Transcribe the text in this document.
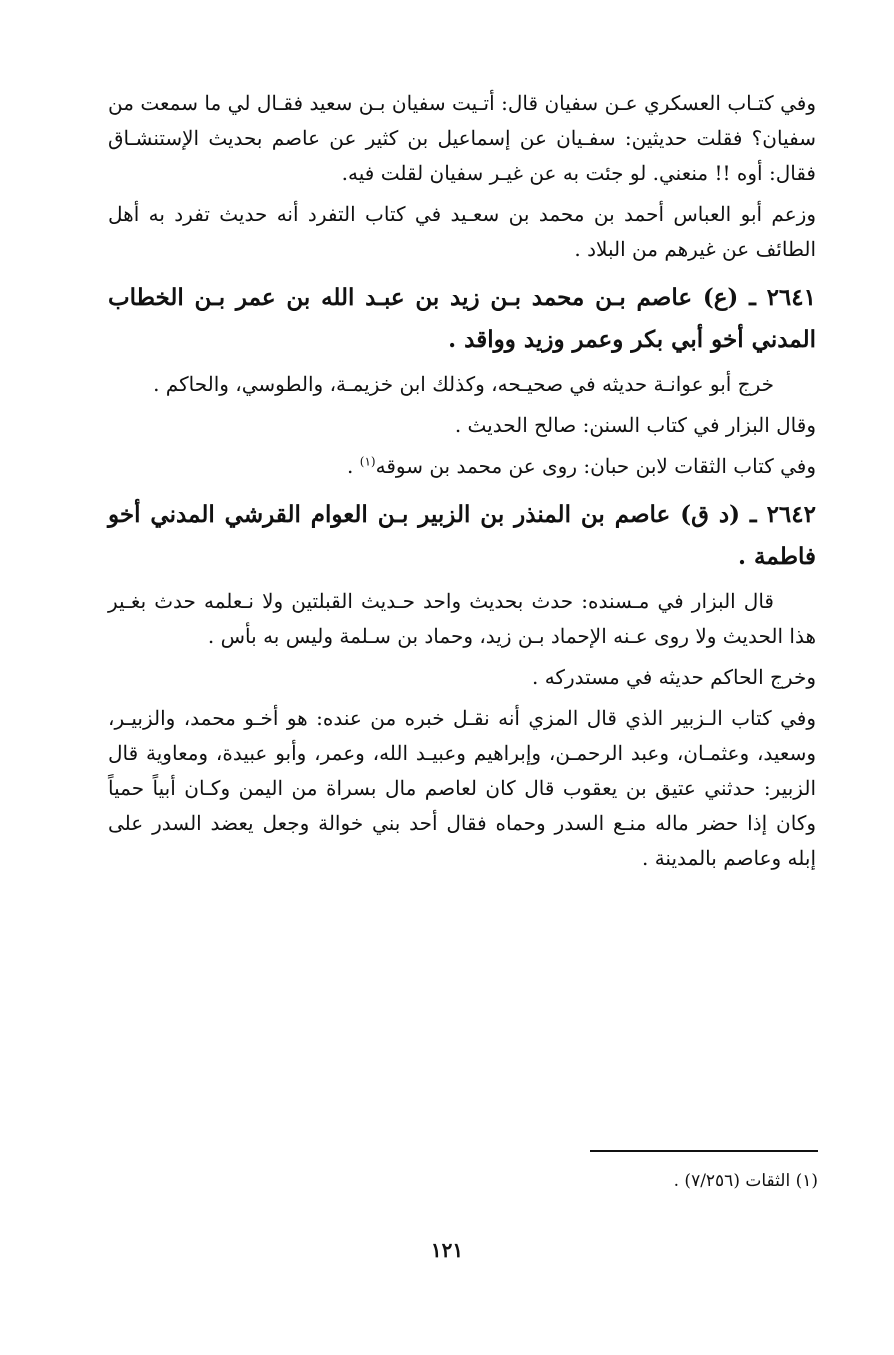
وفي كتـاب العسكري عـن سفيان قال: أتـيت سفيان بـن سعيد فقـال لي ما سمعت من سفيان؟ فقلت حديثين: سفـيان عن إسماعيل بن كثير عن عاصم بحديث الإستنشـاق فقال: أوه !! منعني. لو جئت به عن غيـر سفيان لقلت فيه.

وزعم أبو العباس أحمد بن محمد بن سعـيد في كتاب التفرد أنه حديث تفرد به أهل الطائف عن غيرهم من البلاد .

٢٦٤١ ـ (ع) عاصم بـن محمد بـن زيد بن عبـد الله بن عمر بـن الخطاب المدني أخو أبي بكر وعمر وزيد وواقد .

خرج أبو عوانـة حديثه في صحيـحه، وكذلك ابن خزيمـة، والطوسي، والحاكم .

وقال البزار في كتاب السنن: صالح الحديث .

وفي كتاب الثقات لابن حبان: روى عن محمد بن سوقه$^{(١)}$ .

٢٦٤٢ ـ (د ق) عاصم بن المنذر بن الزبير بـن العوام القرشي المدني أخو فاطمة .

قال البزار في مـسنده: حدث بحديث واحد حـديث القبلتين ولا نـعلمه حدث بغـير هذا الحديث ولا روى عـنه الإحماد بـن زيد، وحماد بن سـلمة وليس به بأس .

وخرج الحاكم حديثه في مستدركه .

وفي كتاب الـزبير الذي قال المزي أنه نقـل خبره من عنده: هو أخـو محمد، والزبيـر، وسعيد، وعثمـان، وعبد الرحمـن، وإبراهيم وعبيـد الله، وعمر، وأبو عبيدة، ومعاوية قال الزبير: حدثني عتيق بن يعقوب قال كان لعاصم مال بسراة من اليمن وكـان أبياً حمياً وكان إذا حضر ماله منـع السدر وحماه فقال أحد بني خوالة وجعل يعضد السدر على إبله وعاصم بالمدينة .

(١) الثقات (٧/٢٥٦) .
١٢١
